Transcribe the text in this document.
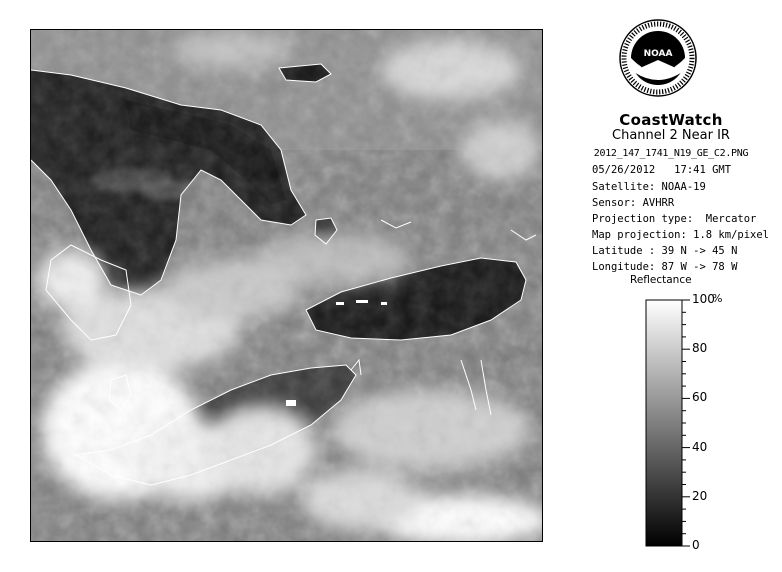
NOAA
CoastWatch
Channel 2 Near IR
2012_147_1741_N19_GE_C2.PNG
05/26/2012   17:41 GMT
Satellite: NOAA-19
Sensor: AVHRR
Projection type:  Mercator
Map projection: 1.8 km/pixel
Latitude : 39 N -> 45 N
Longitude: 87 W -> 78 W
Reflectance
%
100
80
60
40
20
0
